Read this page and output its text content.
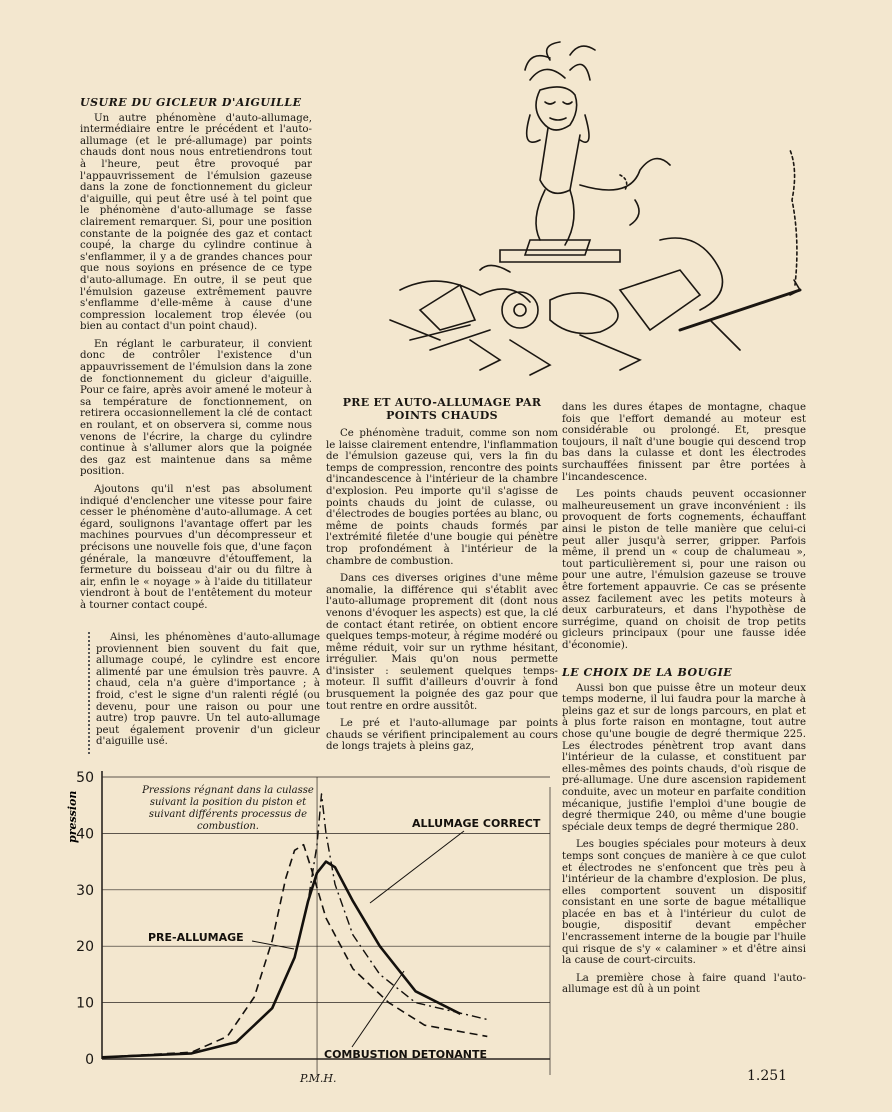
USURE DU GICLEUR D'AIGUILLE

Un autre phénomène d'auto-allumage, intermédiaire entre le précédent et l'auto-allumage (et le pré-allumage) par points chauds dont nous nous entretiendrons tout à l'heure, peut être provoqué par l'appauvrissement de l'émulsion gazeuse dans la zone de fonctionnement du gicleur d'aiguille, qui peut être usé à tel point que le phénomène d'auto-allumage se fasse clairement remarquer. Si, pour une position constante de la poignée des gaz et contact coupé, la charge du cylindre continue à s'enflammer, il y a de grandes chances pour que nous soyions en présence de ce type d'auto-allumage. En outre, il se peut que l'émulsion gazeuse extrêmement pauvre s'enflamme d'elle-même à cause d'une compression localement trop élevée (ou bien au contact d'un point chaud).

En réglant le carburateur, il convient donc de contrôler l'existence d'un appauvrissement de l'émulsion dans la zone de fonctionnement du gicleur d'aiguille. Pour ce faire, après avoir amené le moteur à sa température de fonctionnement, on retirera occasionnellement la clé de contact en roulant, et on observera si, comme nous venons de l'écrire, la charge du cylindre continue à s'allumer alors que la poignée des gaz est maintenue dans sa même position.

Ajoutons qu'il n'est pas absolument indiqué d'enclencher une vitesse pour faire cesser le phénomène d'auto-allumage. A cet égard, soulignons l'avantage offert par les machines pourvues d'un décompresseur et précisons une nouvelle fois que, d'une façon générale, la manœuvre d'étouffement, la fermeture du boisseau d'air ou du filtre à air, enfin le « noyage » à l'aide du titillateur viendront à bout de l'entêtement du moteur à tourner contact coupé.

Ainsi, les phénomènes d'auto-allumage proviennent bien souvent du fait que, allumage coupé, le cylindre est encore alimenté par une émulsion très pauvre. A chaud, cela n'a guère d'importance ; à froid, c'est le signe d'un ralenti réglé (ou devenu, pour une raison ou pour une autre) trop pauvre. Un tel auto-allumage peut également provenir d'un gicleur d'aiguille usé.

PRE ET AUTO-ALLUMAGE PAR POINTS CHAUDS

Ce phénomène traduit, comme son nom le laisse clairement entendre, l'inflammation de l'émulsion gazeuse qui, vers la fin du temps de compression, rencontre des points d'incandescence à l'intérieur de la chambre d'explosion. Peu importe qu'il s'agisse de points chauds du joint de culasse, ou d'électrodes de bougies portées au blanc, ou même de points chauds formés par l'extrémité filetée d'une bougie qui pénètre trop profondément à l'intérieur de la chambre de combustion.

Dans ces diverses origines d'une même anomalie, la différence qui s'établit avec l'auto-allumage proprement dit (dont nous venons d'évoquer les aspects) est que, la clé de contact étant retirée, on obtient encore quelques temps-moteur, à régime modéré ou même réduit, voir sur un rythme hésitant, irrégulier. Mais qu'on nous permette d'insister : seulement quelques temps-moteur. Il suffit d'ailleurs d'ouvrir à fond brusquement la poignée des gaz pour que tout rentre en ordre aussitôt.

Le pré et l'auto-allumage par points chauds se vérifient principalement au cours de longs trajets à pleins gaz,

dans les dures étapes de montagne, chaque fois que l'effort demandé au moteur est considérable ou prolongé. Et, presque toujours, il naît d'une bougie qui descend trop bas dans la culasse et dont les électrodes surchauffées finissent par être portées à l'incandescence.

Les points chauds peuvent occasionner malheureusement un grave inconvénient : ils provoquent de forts cognements, échauffant ainsi le piston de telle manière que celui-ci peut aller jusqu'à serrer, gripper. Parfois même, il prend un « coup de chalumeau », tout particulièrement si, pour une raison ou pour une autre, l'émulsion gazeuse se trouve être fortement appauvrie. Ce cas se présente assez facilement avec les petits moteurs à deux carburateurs, et dans l'hypothèse de surrégime, quand on choisit de trop petits gicleurs principaux (pour une fausse idée d'économie).

LE CHOIX DE LA BOUGIE

Aussi bon que puisse être un moteur deux temps moderne, il lui faudra pour la marche à pleins gaz et sur de longs parcours, en plat et à plus forte raison en montagne, tout autre chose qu'une bougie de degré thermique 225. Les électrodes pénètrent trop avant dans l'intérieur de la culasse, et constituent par elles-mêmes des points chauds, d'où risque de pré-allumage. Une dure ascension rapidement conduite, avec un moteur en parfaite condition mécanique, justifie l'emploi d'une bougie de degré thermique 240, ou même d'une bougie spéciale deux temps de degré thermique 280.

Les bougies spéciales pour moteurs à deux temps sont conçues de manière à ce que culot et électrodes ne s'enfoncent que très peu à l'intérieur de la chambre d'explosion. De plus, elles comportent souvent un dispositif consistant en une sorte de bague métallique placée en bas et à l'intérieur du culot de bougie, dispositif devant empêcher l'encrassement interne de la bougie par l'huile qui risque de s'y « calaminer » et d'être ainsi la cause de court-circuits.

La première chose à faire quand l'auto-allumage est dû à un point

0
10
20
30
40
50
pression
Pressions régnant dans la culasse
suivant la position du piston et
suivant différents processus de
combustion.	ALLUMAGE CORRECT
PRE-ALLUMAGE
COMBUSTION DETONANTE
P.M.H.	1.251
